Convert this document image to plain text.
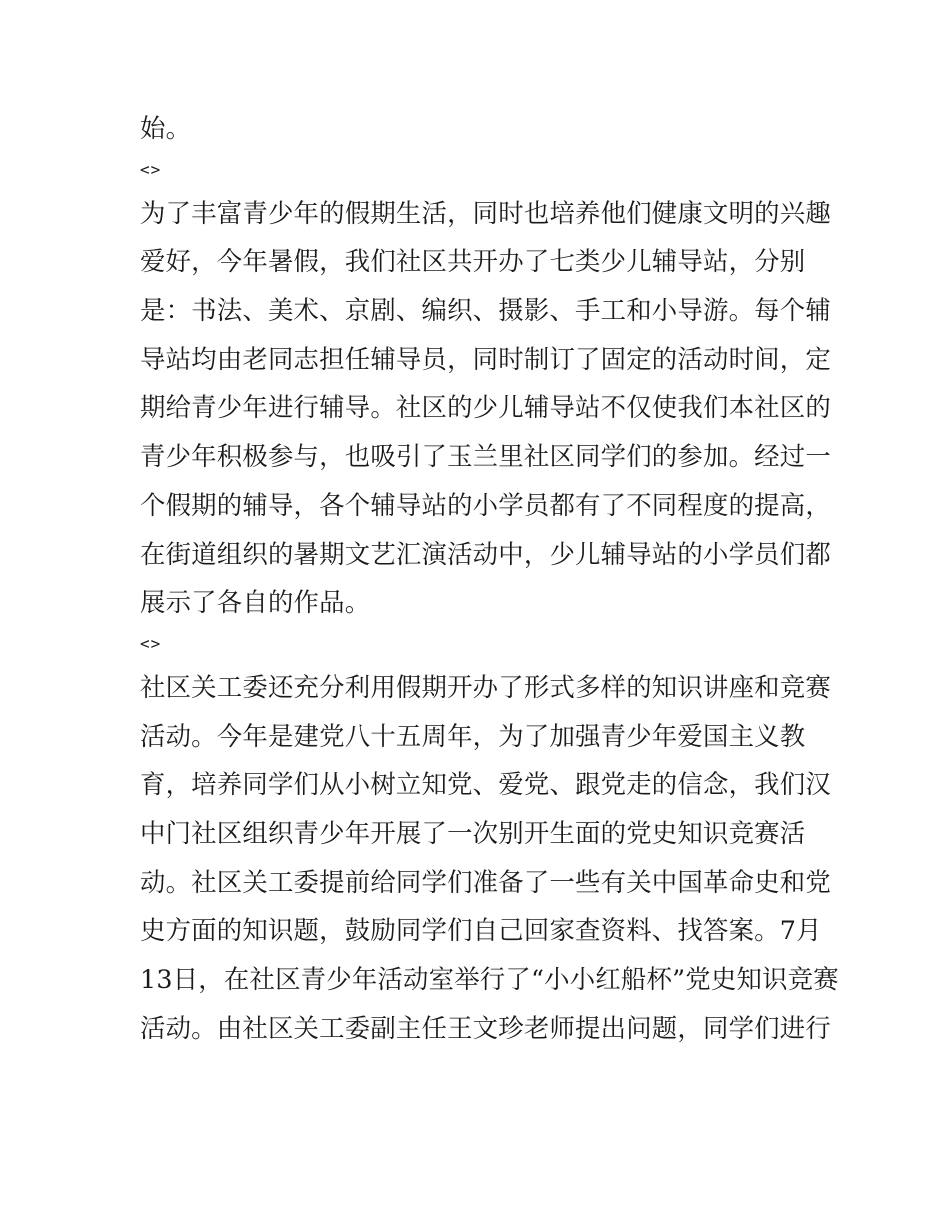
始。
<>
为了丰富青少年的假期生活，同时也培养他们健康文明的兴趣
爱好，今年暑假，我们社区共开办了七类少儿辅导站，分别
是：书法、美术、京剧、编织、摄影、手工和小导游。每个辅
导站均由老同志担任辅导员，同时制订了固定的活动时间，定
期给青少年进行辅导。社区的少儿辅导站不仅使我们本社区的
青少年积极参与，也吸引了玉兰里社区同学们的参加。经过一
个假期的辅导，各个辅导站的小学员都有了不同程度的提高，
在街道组织的暑期文艺汇演活动中，少儿辅导站的小学员们都
展示了各自的作品。
<>
社区关工委还充分利用假期开办了形式多样的知识讲座和竞赛
活动。今年是建党八十五周年，为了加强青少年爱国主义教
育，培养同学们从小树立知党、爱党、跟党走的信念，我们汉
中门社区组织青少年开展了一次别开生面的党史知识竞赛活
动。社区关工委提前给同学们准备了一些有关中国革命史和党
史方面的知识题，鼓励同学们自己回家查资料、找答案。7月
13日，在社区青少年活动室举行了“小小红船杯”党史知识竞赛
活动。由社区关工委副主任王文珍老师提出问题，同学们进行
